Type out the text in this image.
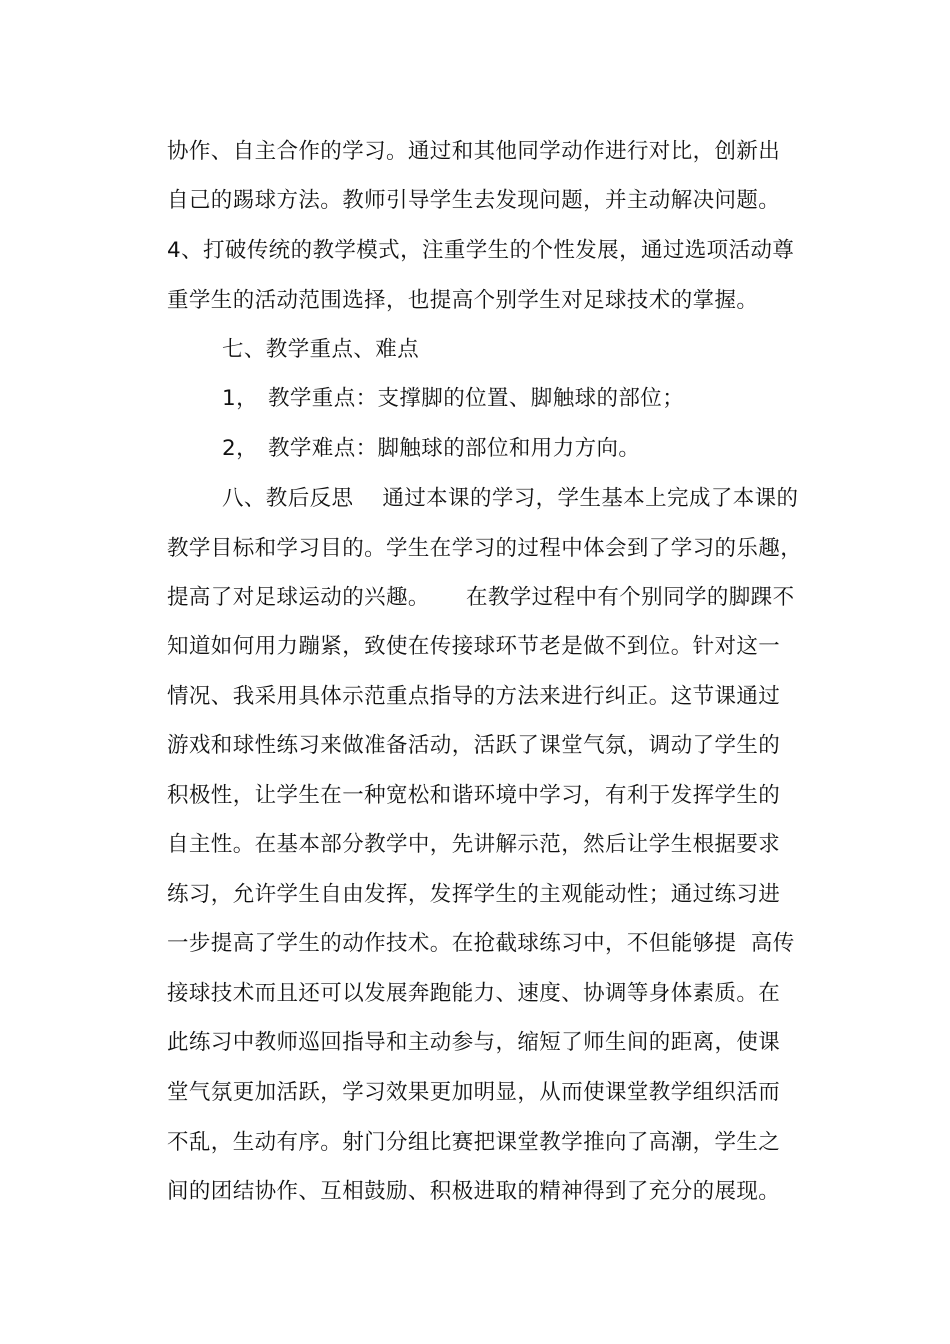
协作、自主合作的学习。通过和其他同学动作进行对比，创新出
自己的踢球方法。教师引导学生去发现问题，并主动解决问题。
4、打破传统的教学模式，注重学生的个性发展，通过选项活动尊
重学生的活动范围选择，也提高个别学生对足球技术的掌握。
七、教学重点、难点
1， 教学重点：支撑脚的位置、脚触球的部位；
2， 教学难点：脚触球的部位和用力方向。
八、教后反思    通过本课的学习，学生基本上完成了本课的
教学目标和学习目的。学生在学习的过程中体会到了学习的乐趣，
提高了对足球运动的兴趣。     在教学过程中有个别同学的脚踝不
知道如何用力蹦紧，致使在传接球环节老是做不到位。针对这一
情况、我采用具体示范重点指导的方法来进行纠正。这节课通过
游戏和球性练习来做准备活动，活跃了课堂气氛，调动了学生的
积极性，让学生在一种宽松和谐环境中学习，有利于发挥学生的
自主性。在基本部分教学中，先讲解示范，然后让学生根据要求
练习，允许学生自由发挥，发挥学生的主观能动性；通过练习进
一步提高了学生的动作技术。在抢截球练习中，不但能够提  高传
接球技术而且还可以发展奔跑能力、速度、协调等身体素质。在
此练习中教师巡回指导和主动参与，缩短了师生间的距离，使课
堂气氛更加活跃，学习效果更加明显，从而使课堂教学组织活而
不乱，生动有序。射门分组比赛把课堂教学推向了高潮，学生之
间的团结协作、互相鼓励、积极进取的精神得到了充分的展现。
